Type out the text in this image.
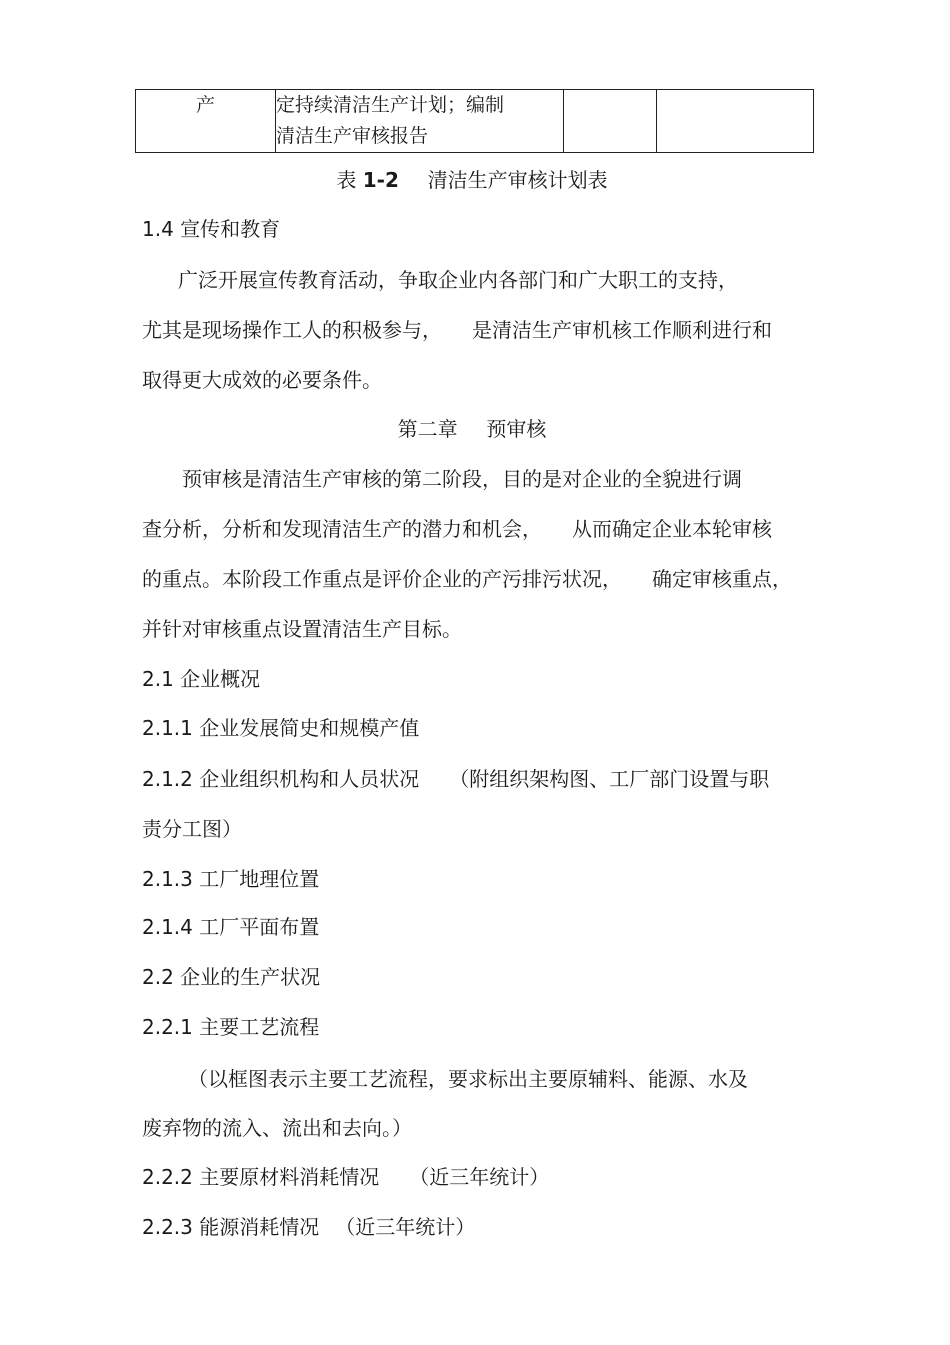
产	定持续清洁生产计划；编制
清洁生产审核报告

表 1-2 清洁生产审核计划表
1.4 宣传和教育
广泛开展宣传教育活动，争取企业内各部门和广大职工的支持，
尤其是现场操作工人的积极参与， 是清洁生产审机核工作顺利进行和
取得更大成效的必要条件。
第二章 预审核
预审核是清洁生产审核的第二阶段，目的是对企业的全貌进行调
查分析，分析和发现清洁生产的潜力和机会， 从而确定企业本轮审核
的重点。本阶段工作重点是评价企业的产污排污状况， 确定审核重点，
并针对审核重点设置清洁生产目标。
2.1 企业概况
2.1.1 企业发展简史和规模产值
2.1.2 企业组织机构和人员状况 （附组织架构图、工厂部门设置与职
责分工图）
2.1.3 工厂地理位置
2.1.4 工厂平面布置
2.2 企业的生产状况
2.2.1 主要工艺流程
（以框图表示主要工艺流程，要求标出主要原辅料、能源、水及
废弃物的流入、流出和去向。）
2.2.2 主要原材料消耗情况 （近三年统计）
2.2.3 能源消耗情况 （近三年统计）
